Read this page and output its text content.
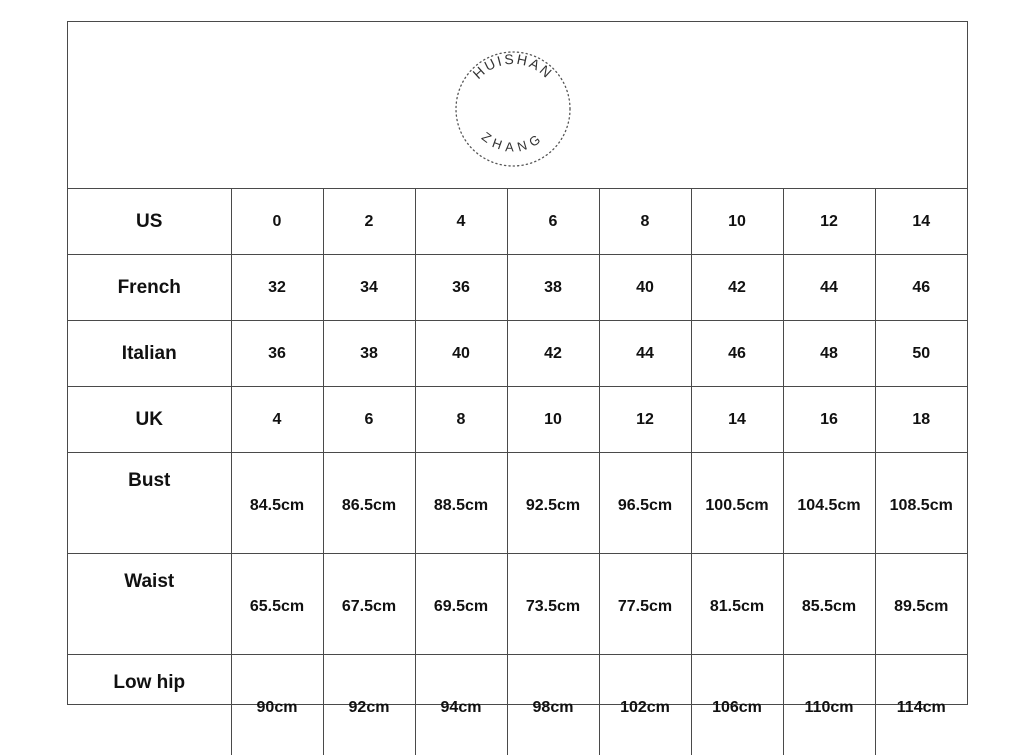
HUISHAN
ZHANG
US	0	2	4	6	8	10	12	14
French	32	34	36	38	40	42	44	46
Italian	36	38	40	42	44	46	48	50
UK	4	6	8	10	12	14	16	18
Bust	84.5cm	86.5cm	88.5cm	92.5cm	96.5cm	100.5cm	104.5cm	108.5cm
Waist	65.5cm	67.5cm	69.5cm	73.5cm	77.5cm	81.5cm	85.5cm	89.5cm
Low hip	90cm	92cm	94cm	98cm	102cm	106cm	110cm	114cm
